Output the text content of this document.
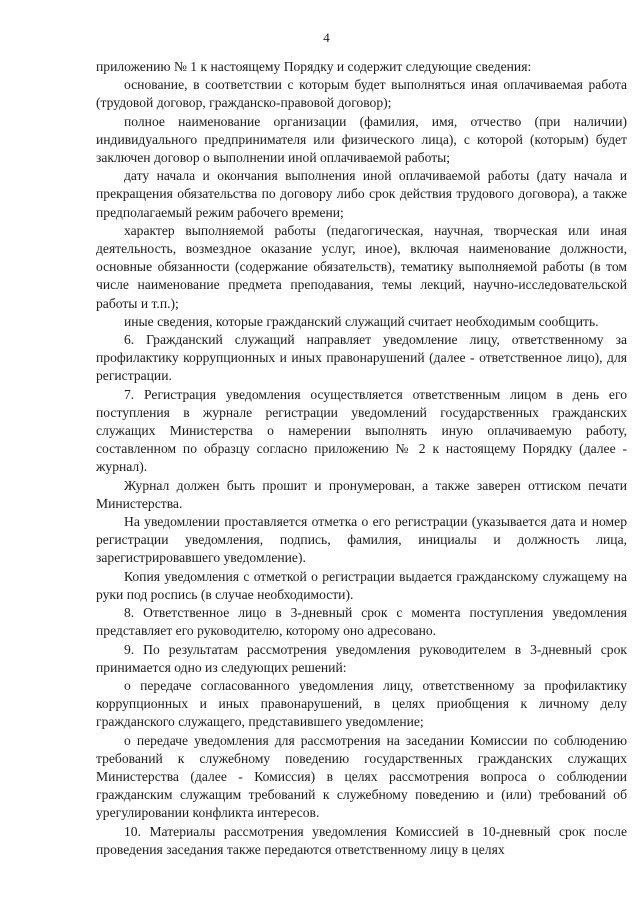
4

приложению № 1 к настоящему Порядку и содержит следующие сведения:

основание, в соответствии с которым будет выполняться иная оплачиваемая работа (трудовой договор, гражданско-правовой договор);

полное наименование организации (фамилия, имя, отчество (при наличии) индивидуального предпринимателя или физического лица), с которой (которым) будет заключен договор о выполнении иной оплачиваемой работы;

дату начала и окончания выполнения иной оплачиваемой работы (дату начала и прекращения обязательства по договору либо срок действия трудового договора), а также предполагаемый режим рабочего времени;

характер выполняемой работы (педагогическая, научная, творческая или иная деятельность, возмездное оказание услуг, иное), включая наименование должности, основные обязанности (содержание обязательств), тематику выполняемой работы (в том числе наименование предмета преподавания, темы лекций, научно-исследовательской работы и т.п.);

иные сведения, которые гражданский служащий считает необходимым сообщить.

6. Гражданский служащий направляет уведомление лицу, ответственному за профилактику коррупционных и иных правонарушений (далее - ответственное лицо), для регистрации.

7. Регистрация уведомления осуществляется ответственным лицом в день его поступления в журнале регистрации уведомлений государственных гражданских служащих Министерства о намерении выполнять иную оплачиваемую работу, составленном по образцу согласно приложению № 2 к настоящему Порядку (далее - журнал).

Журнал должен быть прошит и пронумерован, а также заверен оттиском печати Министерства.

На уведомлении проставляется отметка о его регистрации (указывается дата и номер регистрации уведомления, подпись, фамилия, инициалы и должность лица, зарегистрировавшего уведомление).

Копия уведомления с отметкой о регистрации выдается гражданскому служащему на руки под роспись (в случае необходимости).

8. Ответственное лицо в 3-дневный срок с момента поступления уведомления представляет его руководителю, которому оно адресовано.

9. По результатам рассмотрения уведомления руководителем в 3-дневный срок принимается одно из следующих решений:

о передаче согласованного уведомления лицу, ответственному за профилактику коррупционных и иных правонарушений, в целях приобщения к личному делу гражданского служащего, представившего уведомление;

о передаче уведомления для рассмотрения на заседании Комиссии по соблюдению требований к служебному поведению государственных гражданских служащих Министерства (далее - Комиссия) в целях рассмотрения вопроса о соблюдении гражданским служащим требований к служебному поведению и (или) требований об урегулировании конфликта интересов.

10. Материалы рассмотрения уведомления Комиссией в 10-дневный срок после проведения заседания также передаются ответственному лицу в целях
